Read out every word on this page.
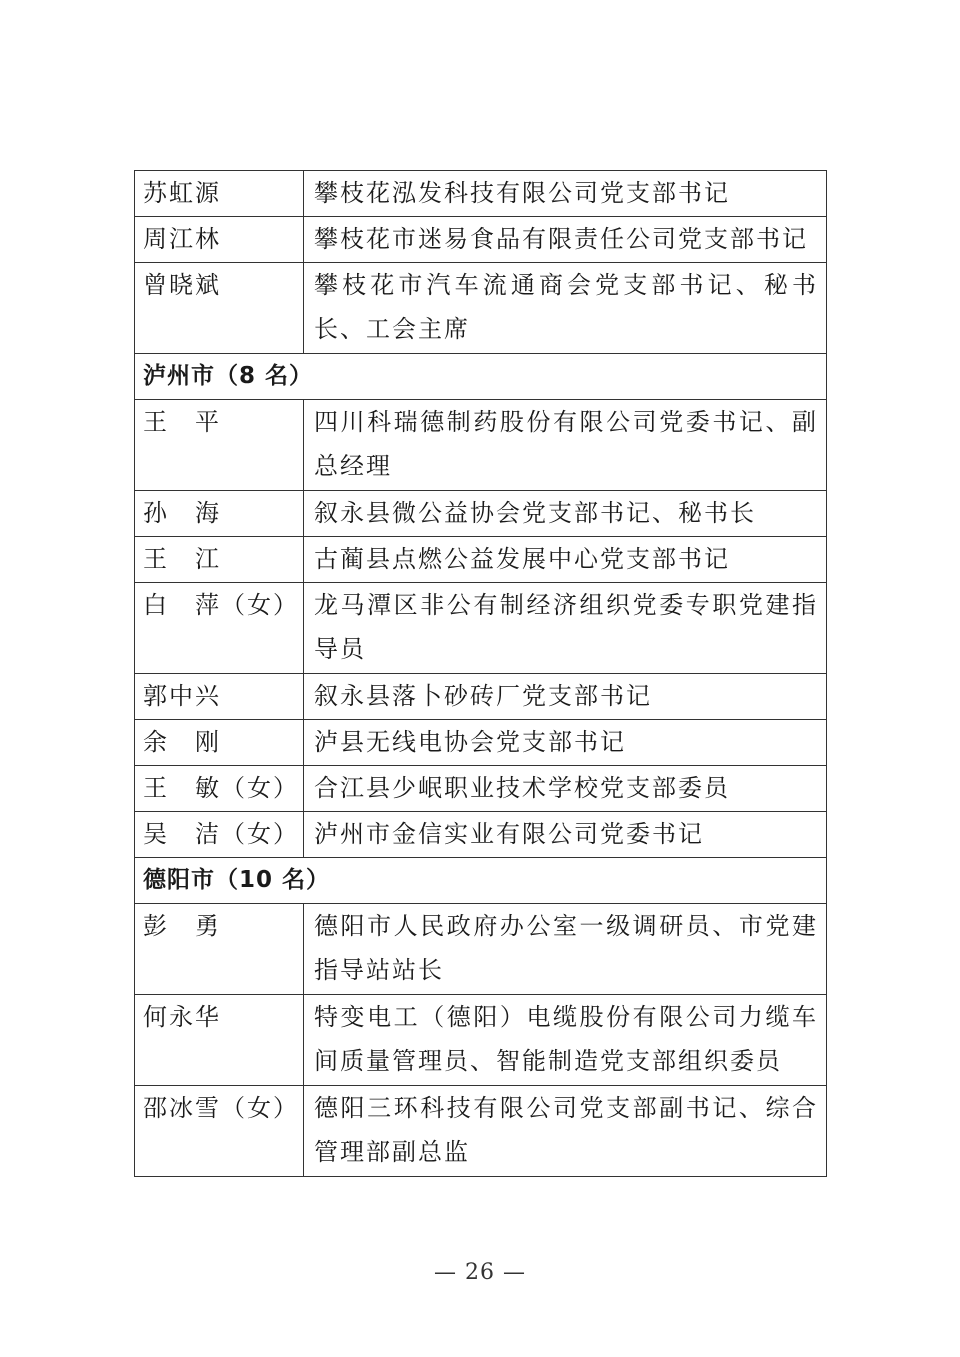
苏虹源	攀枝花泓发科技有限公司党支部书记
周江林	攀枝花市迷易食品有限责任公司党支部书记
曾晓斌	攀枝花市汽车流通商会党支部书记、秘书长、工会主席
泸州市（8 名）	
王　平	四川科瑞德制药股份有限公司党委书记、副总经理
孙　海	叙永县微公益协会党支部书记、秘书长
王　江	古蔺县点燃公益发展中心党支部书记
白　萍（女）	龙马潭区非公有制经济组织党委专职党建指导员
郭中兴	叙永县落卜砂砖厂党支部书记
余　刚	泸县无线电协会党支部书记
王　敏（女）	合江县少岷职业技术学校党支部委员
吴　洁（女）	泸州市金信实业有限公司党委书记
德阳市（10 名）	
彭　勇	德阳市人民政府办公室一级调研员、市党建指导站站长
何永华	特变电工（德阳）电缆股份有限公司力缆车间质量管理员、智能制造党支部组织委员
邵冰雪（女）	德阳三环科技有限公司党支部副书记、综合管理部副总监
— 26 —
